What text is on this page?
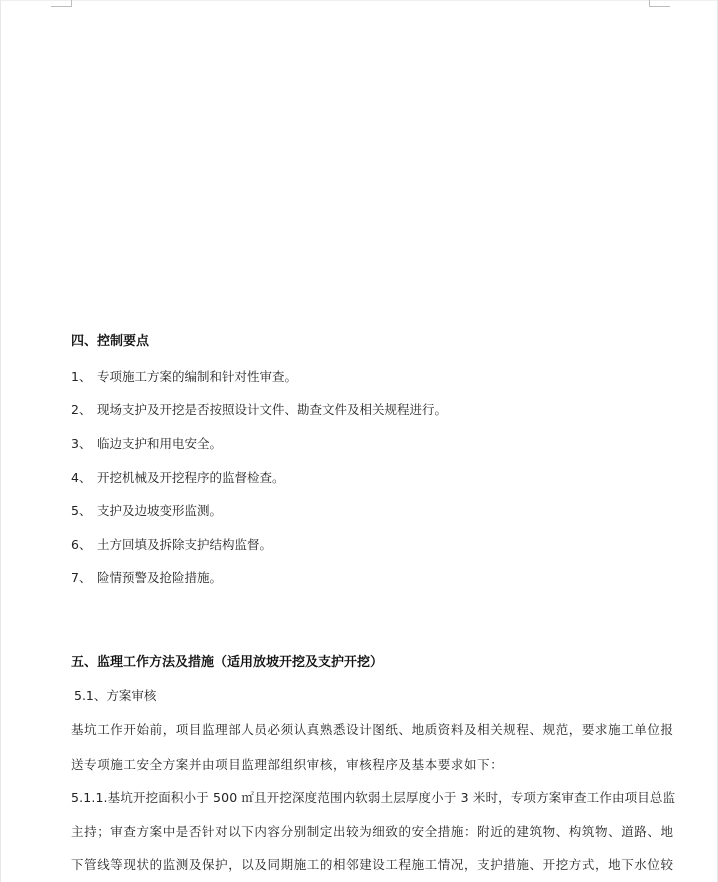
四、控制要点
1、 专项施工方案的编制和针对性审查。
2、 现场支护及开挖是否按照设计文件、勘查文件及相关规程进行。
3、 临边支护和用电安全。
4、 开挖机械及开挖程序的监督检查。
5、 支护及边坡变形监测。
6、 土方回填及拆除支护结构监督。
7、 险情预警及抢险措施。
五、监理工作方法及措施（适用放坡开挖及支护开挖）
5.1、方案审核
基坑工作开始前，项目监理部人员必须认真熟悉设计图纸、地质资料及相关规程、规范，要求施工单位报
送专项施工安全方案并由项目监理部组织审核，审核程序及基本要求如下：
5.1.1.基坑开挖面积小于 500 ㎡且开挖深度范围内软弱土层厚度小于 3 米时，专项方案审查工作由项目总监
主持；审查方案中是否针对以下内容分别制定出较为细致的安全措施：附近的建筑物、构筑物、道路、地
下管线等现状的监测及保护，以及同期施工的相邻建设工程施工情况，支护措施、开挖方式，地下水位较
